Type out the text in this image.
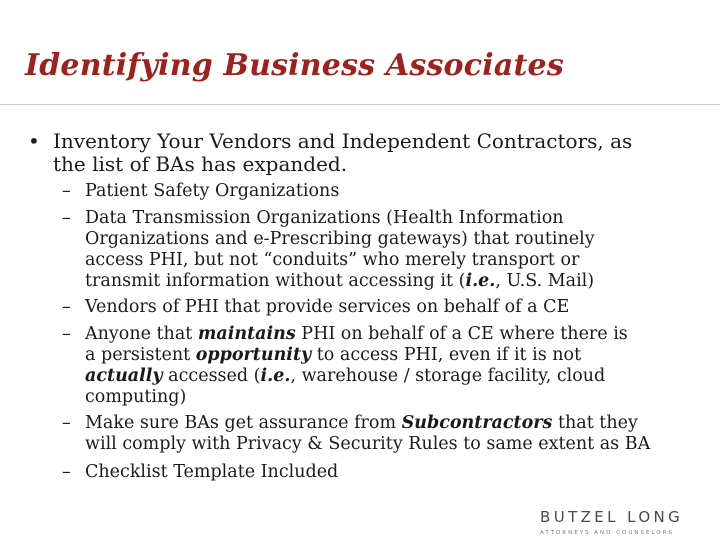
Identifying Business Associates
• Inventory Your Vendors and Independent Contractors, as
the list of BAs has expanded.
– Patient Safety Organizations
– Data Transmission Organizations (Health Information
Organizations and e-Prescribing gateways) that routinely
access PHI, but not “conduits” who merely transport or
transmit information without accessing it (i.e., U.S. Mail)
– Vendors of PHI that provide services on behalf of a CE
– Anyone that maintains PHI on behalf of a CE where there is
a persistent opportunity to access PHI, even if it is not
actually accessed (i.e., warehouse / storage facility, cloud
computing)
– Make sure BAs get assurance from Subcontractors that they
will comply with Privacy & Security Rules to same extent as BA
– Checklist Template Included
BUTZEL LONG
ATTORNEYS AND COUNSELORS
